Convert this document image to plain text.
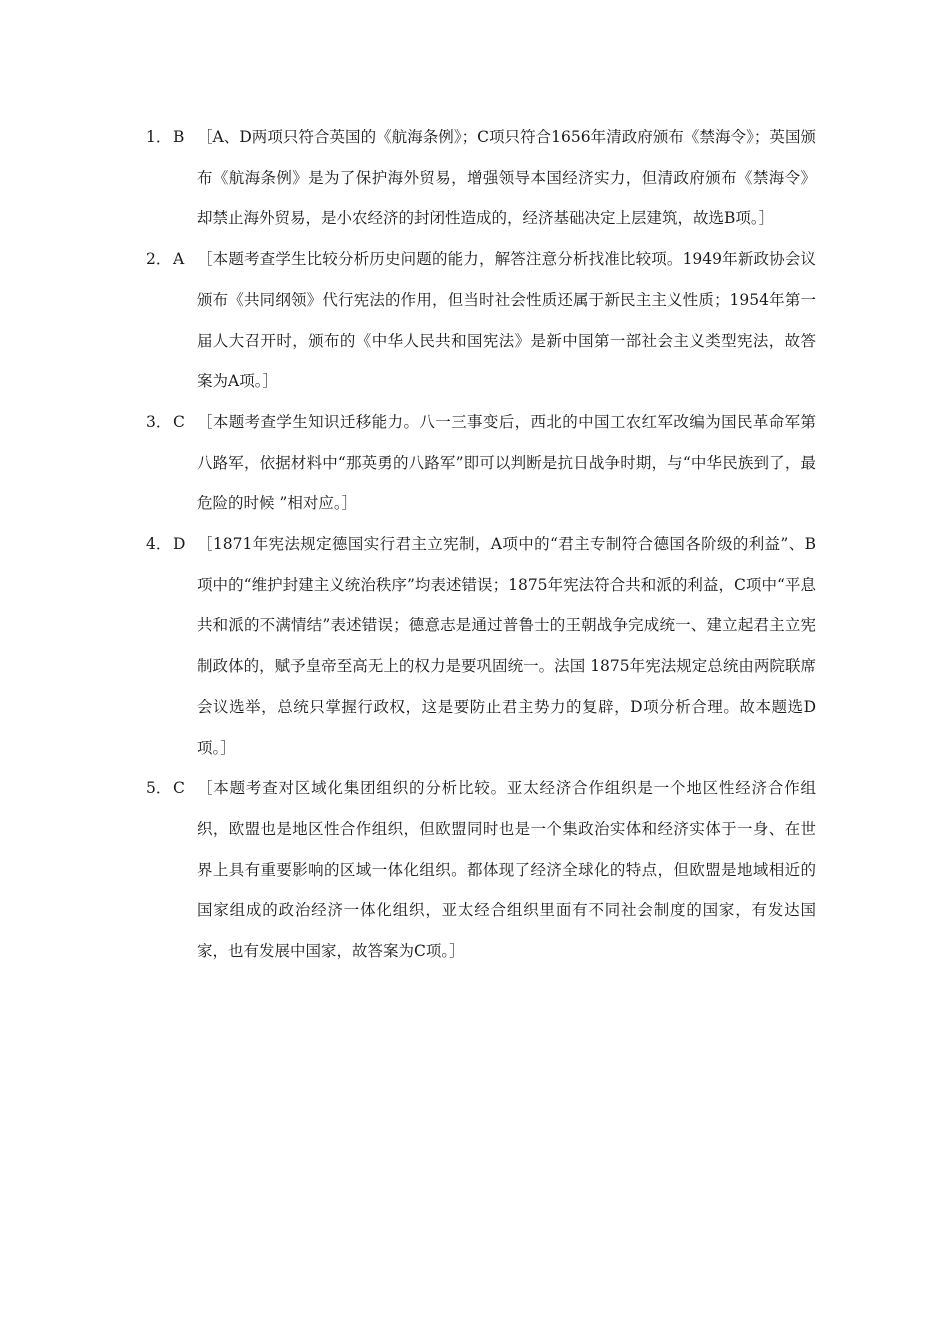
1． B ［A、D两项只符合英国的《航海条例》；C项只符合1656年清政府颁布《禁海令》；英国颁布《航海条例》是为了保护海外贸易，增强领导本国经济实力，但清政府颁布《禁海令》却禁止海外贸易，是小农经济的封闭性造成的，经济基础决定上层建筑，故选B项。］
2． A ［本题考查学生比较分析历史问题的能力，解答注意分析找准比较项。1949年新政协会议颁布《共同纲领》代行宪法的作用，但当时社会性质还属于新民主主义性质；1954年第一届人大召开时，颁布的《中华人民共和国宪法》是新中国第一部社会主义类型宪法，故答案为A项。］
3． C ［本题考查学生知识迁移能力。八一三事变后，西北的中国工农红军改编为国民革命军第八路军，依据材料中“那英勇的八路军”即可以判断是抗日战争时期，与“中华民族到了，最危险的时候 ”相对应。］
4． D ［1871年宪法规定德国实行君主立宪制，A项中的“君主专制符合德国各阶级的利益”、B项中的“维护封建主义统治秩序”均表述错误；1875年宪法符合共和派的利益，C项中“平息共和派的不满情结”表述错误；德意志是通过普鲁士的王朝战争完成统一、建立起君主立宪制政体的，赋予皇帝至高无上的权力是要巩固统一。法国 1875年宪法规定总统由两院联席会议选举，总统只掌握行政权，这是要防止君主势力的复辟，D项分析合理。故本题选D项。］
5． C ［本题考查对区域化集团组织的分析比较。亚太经济合作组织是一个地区性经济合作组织，欧盟也是地区性合作组织，但欧盟同时也是一个集政治实体和经济实体于一身、在世界上具有重要影响的区域一体化组织。都体现了经济全球化的特点，但欧盟是地域相近的国家组成的政治经济一体化组织，亚太经合组织里面有不同社会制度的国家，有发达国家，也有发展中国家，故答案为C项。］
